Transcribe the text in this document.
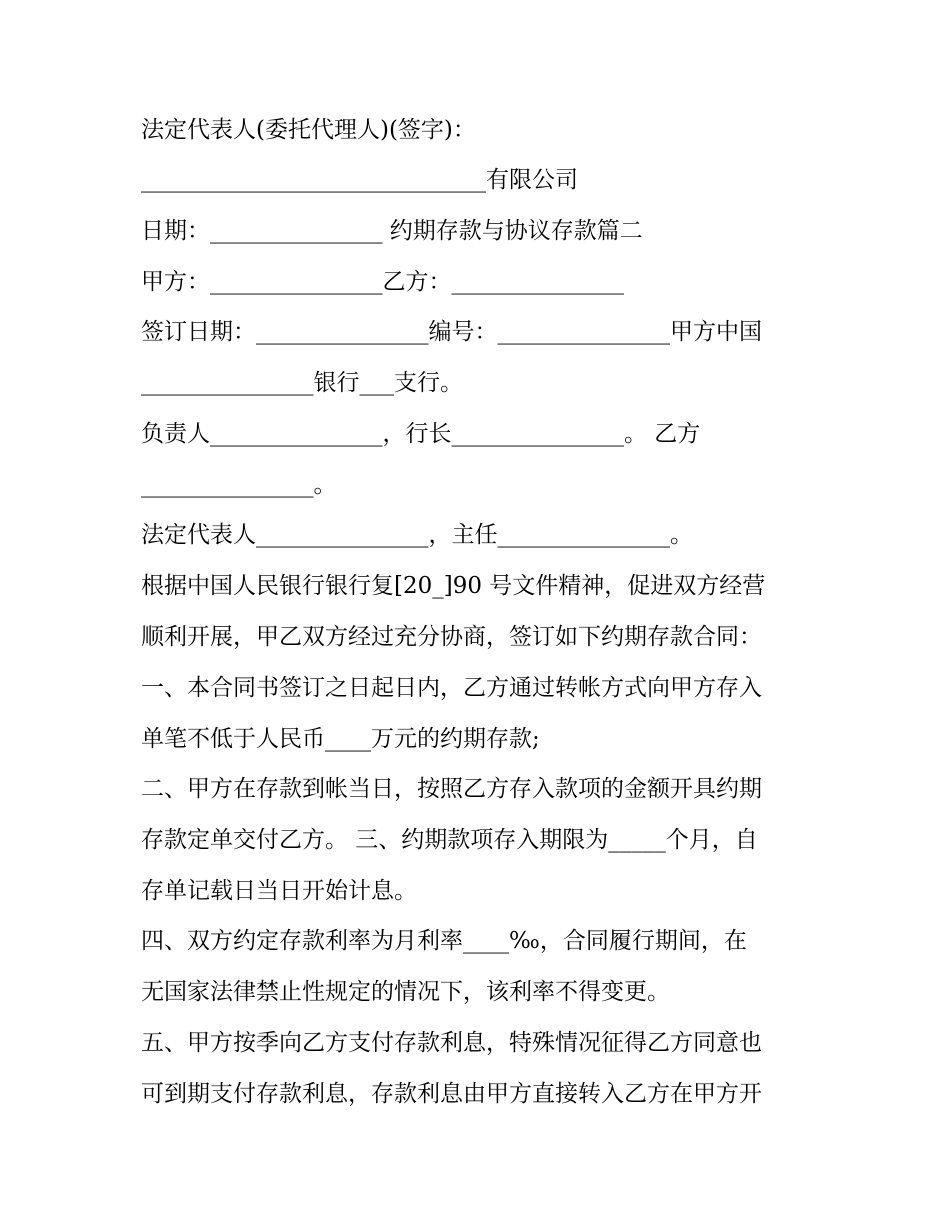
法定代表人(委托代理人)(签字)：
______________________________有限公司
日期：_______________ 约期存款与协议存款篇二
甲方：_______________乙方：_______________
签订日期：_______________编号：_______________甲方中国
_______________银行___支行。
负责人_______________，行长_______________。 乙方
_______________。
法定代表人_______________，主任_______________。
根据中国人民银行银行复[20_]90 号文件精神，促进双方经营
顺利开展，甲乙双方经过充分协商，签订如下约期存款合同：
一、本合同书签订之日起日内，乙方通过转帐方式向甲方存入
单笔不低于人民币____万元的约期存款;
二、甲方在存款到帐当日，按照乙方存入款项的金额开具约期
存款定单交付乙方。 三、约期款项存入期限为_____个月，自
存单记载日当日开始计息。
四、双方约定存款利率为月利率____‰，合同履行期间，在
无国家法律禁止性规定的情况下，该利率不得变更。
五、甲方按季向乙方支付存款利息，特殊情况征得乙方同意也
可到期支付存款利息，存款利息由甲方直接转入乙方在甲方开
